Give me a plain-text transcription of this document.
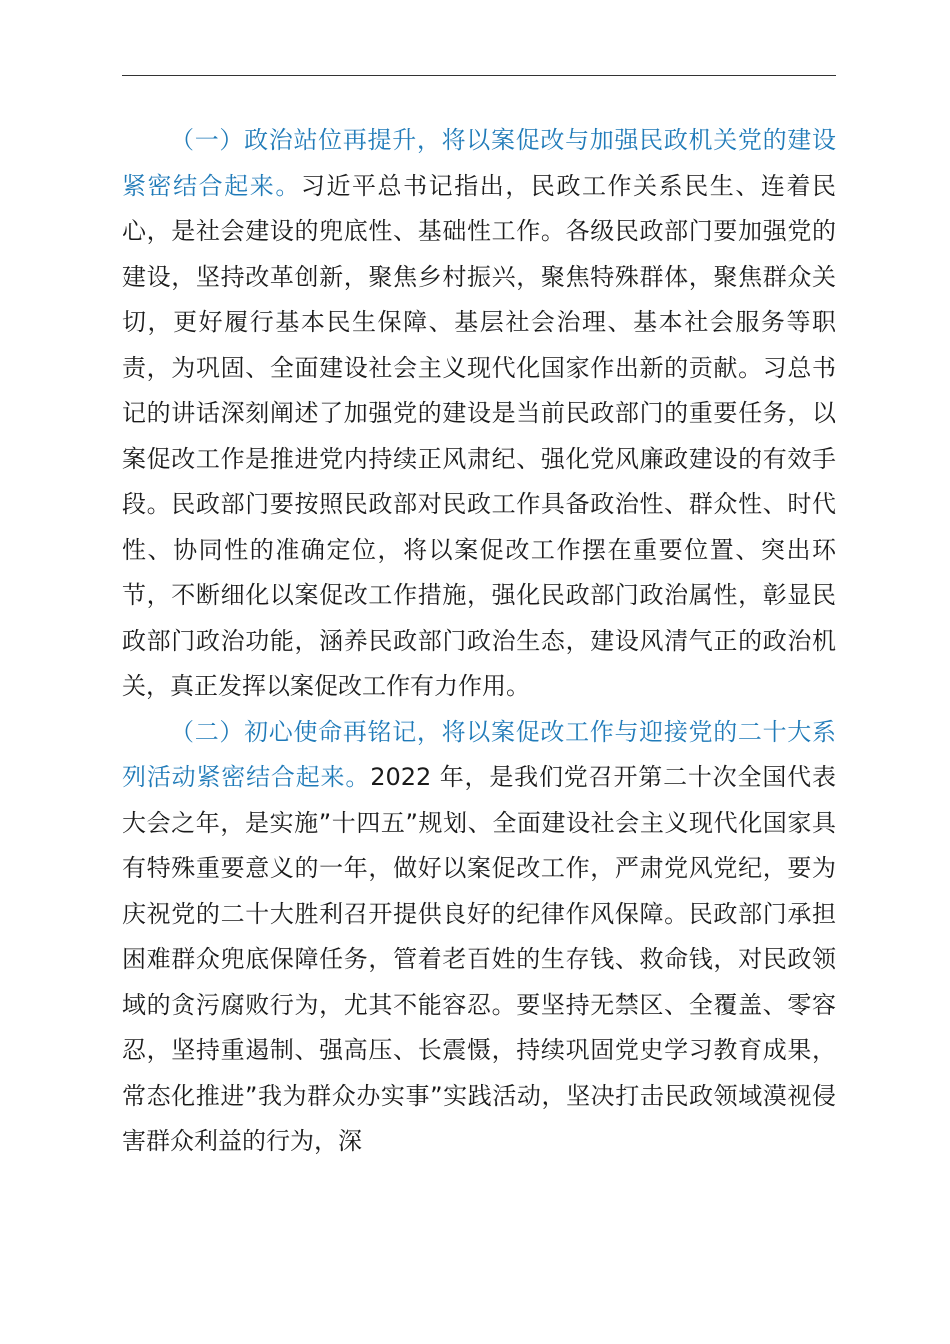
（一）政治站位再提升，将以案促改与加强民政机关党的建设紧密结合起来。习近平总书记指出，民政工作关系民生、连着民心，是社会建设的兜底性、基础性工作。各级民政部门要加强党的建设，坚持改革创新，聚焦乡村振兴，聚焦特殊群体，聚焦群众关切，更好履行基本民生保障、基层社会治理、基本社会服务等职责，为巩固、全面建设社会主义现代化国家作出新的贡献。习总书记的讲话深刻阐述了加强党的建设是当前民政部门的重要任务，以案促改工作是推进党内持续正风肃纪、强化党风廉政建设的有效手段。民政部门要按照民政部对民政工作具备政治性、群众性、时代性、协同性的准确定位，将以案促改工作摆在重要位置、突出环节，不断细化以案促改工作措施，强化民政部门政治属性，彰显民政部门政治功能，涵养民政部门政治生态，建设风清气正的政治机关，真正发挥以案促改工作有力作用。

（二）初心使命再铭记，将以案促改工作与迎接党的二十大系列活动紧密结合起来。2022 年，是我们党召开第二十次全国代表大会之年，是实施”十四五”规划、全面建设社会主义现代化国家具有特殊重要意义的一年，做好以案促改工作，严肃党风党纪，要为庆祝党的二十大胜利召开提供良好的纪律作风保障。民政部门承担困难群众兜底保障任务，管着老百姓的生存钱、救命钱，对民政领域的贪污腐败行为，尤其不能容忍。要坚持无禁区、全覆盖、零容忍，坚持重遏制、强高压、长震慑，持续巩固党史学习教育成果，常态化推进”我为群众办实事”实践活动，坚决打击民政领域漠视侵害群众利益的行为，深
